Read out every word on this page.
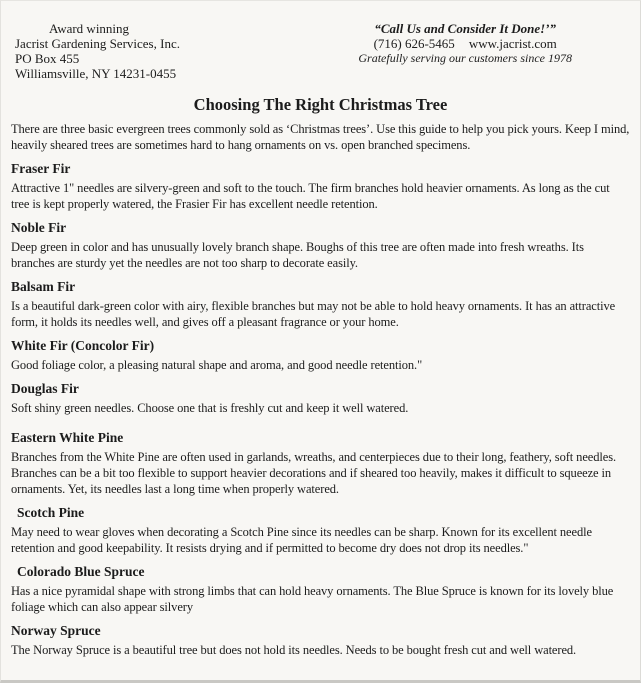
Award winning
Jacrist Gardening Services, Inc.
PO Box 455
Williamsville, NY 14231-0455
“Call Us and Consider It Done!’”
(716) 626-5465 www.jacrist.com
Gratefully serving our customers since 1978
Choosing The Right Christmas Tree

There are three basic evergreen trees commonly sold as ‘Christmas trees’. Use this guide to help you pick yours. Keep I mind, heavily sheared trees are sometimes hard to hang ornaments on vs. open branched specimens.

Fraser Fir

Attractive 1" needles are silvery-green and soft to the touch. The firm branches hold heavier ornaments. As long as the cut tree is kept properly watered, the Frasier Fir has excellent needle retention.

Noble Fir

Deep green in color and has unusually lovely branch shape. Boughs of this tree are often made into fresh wreaths. Its branches are sturdy yet the needles are not too sharp to decorate easily.

Balsam Fir

Is a beautiful dark-green color with airy, flexible branches but may not be able to hold heavy ornaments. It has an attractive form, it holds its needles well, and gives off a pleasant fragrance or your home.

White Fir (Concolor Fir)

Good foliage color, a pleasing natural shape and aroma, and good needle retention."

Douglas Fir

Soft shiny green needles. Choose one that is freshly cut and keep it well watered.

Eastern White Pine

Branches from the White Pine are often used in garlands, wreaths, and centerpieces due to their long, feathery, soft needles. Branches can be a bit too flexible to support heavier decorations and if sheared too heavily, makes it difficult to squeeze in ornaments. Yet, its needles last a long time when properly watered.

Scotch Pine

May need to wear gloves when decorating a Scotch Pine since its needles can be sharp. Known for its excellent needle retention and good keepability. It resists drying and if permitted to become dry does not drop its needles."

Colorado Blue Spruce

Has a nice pyramidal shape with strong limbs that can hold heavy ornaments. The Blue Spruce is known for its lovely blue foliage which can also appear silvery

Norway Spruce

The Norway Spruce is a beautiful tree but does not hold its needles. Needs to be bought fresh cut and well watered.
